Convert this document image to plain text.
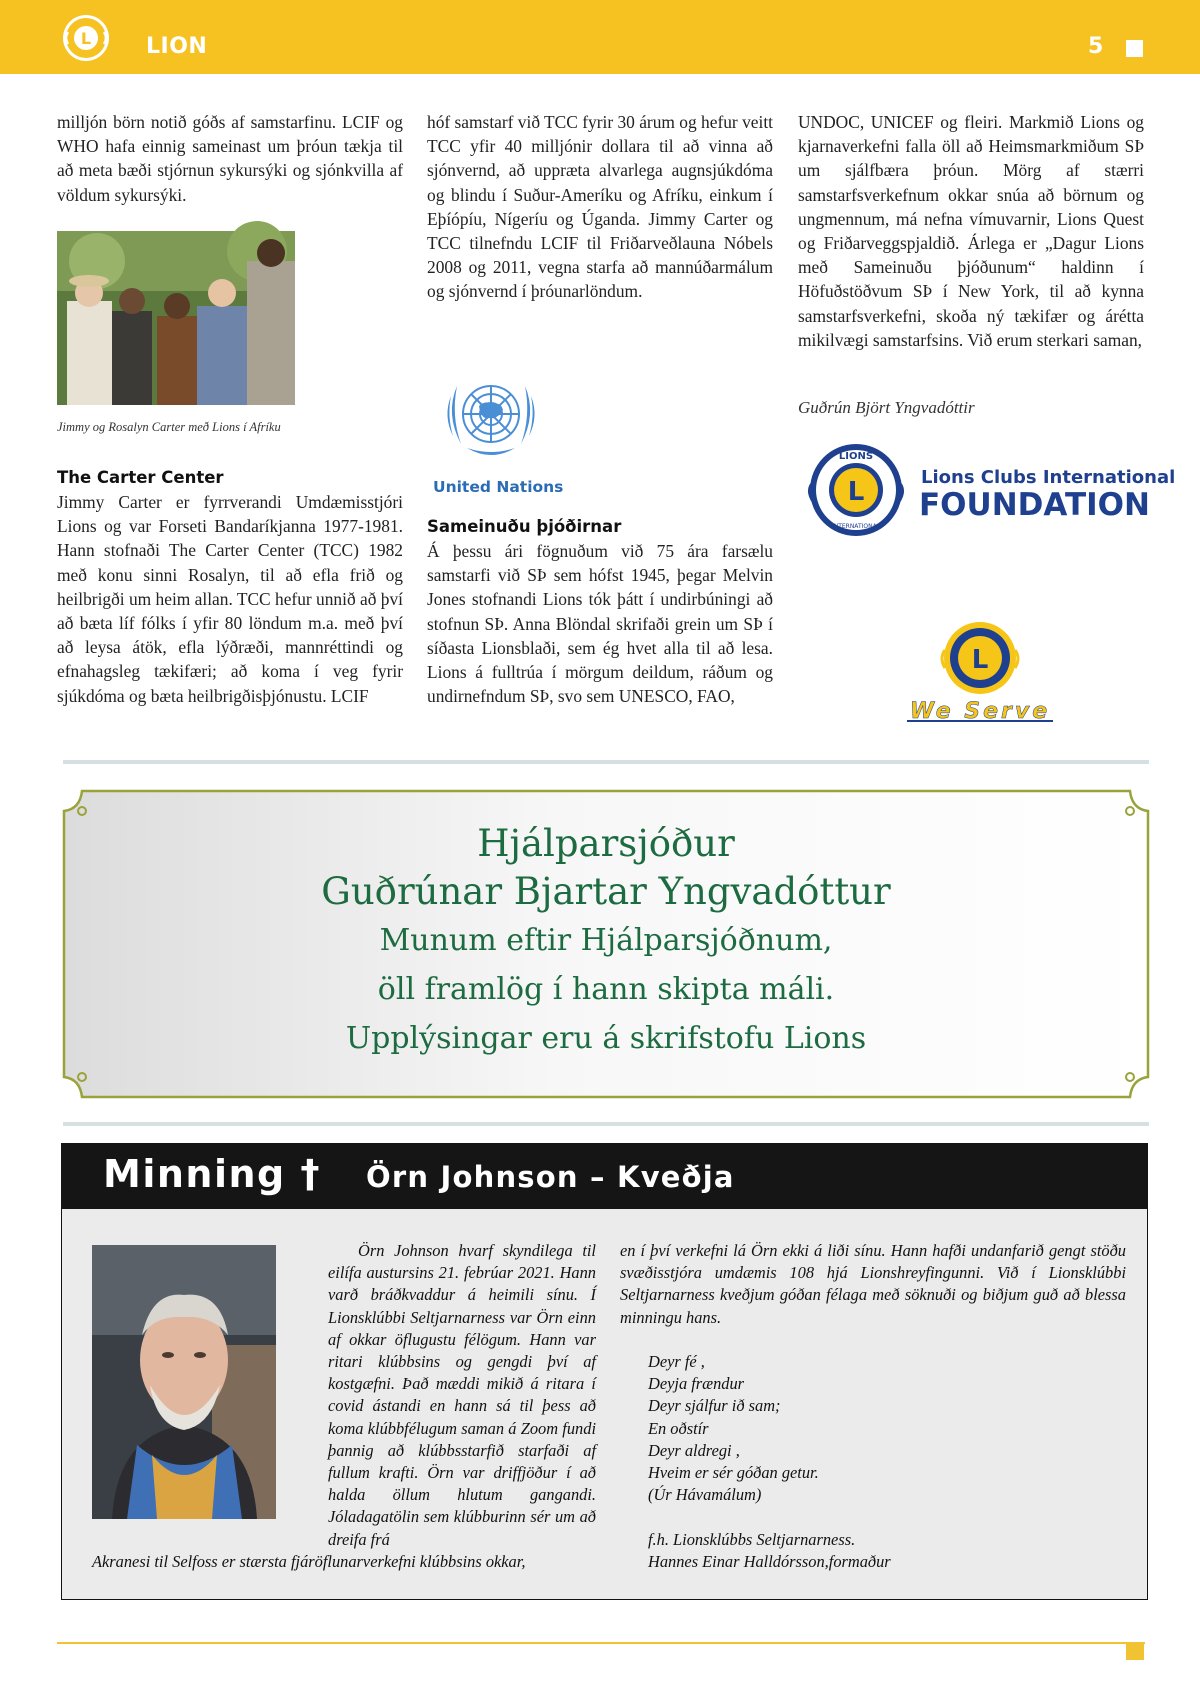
L LION	5

milljón börn notið góðs af samstarfinu. LCIF og WHO hafa einnig sameinast um þróun tækja til að meta bæði stjórnun sykursýki og sjónkvilla af völdum sykursýki.

Jimmy og Rosalyn Carter með Lions í Afríku
The Carter Center

Jimmy Carter er fyrrverandi Umdæmisstjóri Lions og var Forseti Bandaríkjanna 1977-1981. Hann stofnaði The Carter Center (TCC) 1982 með konu sinni Rosalyn, til að efla frið og heilbrigði um heim allan. TCC hefur unnið að því að bæta líf fólks í yfir 80 löndum m.a. með því að leysa átök, efla lýðræði, mannréttindi og efnahagsleg tækifæri; að koma í veg fyrir sjúkdóma og bæta heilbrigðisþjónustu. LCIF

hóf samstarf við TCC fyrir 30 árum og hefur veitt TCC yfir 40 milljónir dollara til að vinna að sjónvernd, að uppræta alvarlega augnsjúkdóma og blindu í Suður-Ameríku og Afríku, einkum í Eþíópíu, Nígeríu og Úganda. Jimmy Carter og TCC tilnefndu LCIF til Friðarveðlauna Nóbels 2008 og 2011, vegna starfa að mannúðarmálum og sjónvernd í þróunarlöndum.

United Nations
Sameinuðu þjóðirnar

Á þessu ári fögnuðum við 75 ára farsælu samstarfi við SÞ sem hófst 1945, þegar Melvin Jones stofnandi Lions tók þátt í undirbúningi að stofnun SÞ. Anna Blöndal skrifaði grein um SÞ í síðasta Lionsblaði, sem ég hvet alla til að lesa. Lions á fulltrúa í mörgum deildum, ráðum og undirnefndum SÞ, svo sem UNESCO, FAO,

UNDOC, UNICEF og fleiri. Markmið Lions og kjarnaverkefni falla öll að Heimsmarkmiðum SÞ um sjálfbæra þróun. Mörg af stærri samstarfsverkefnum okkar snúa að börnum og ungmennum, má nefna vímuvarnir, Lions Quest og Friðarveggspjaldið. Árlega er „Dagur Lions með Sameinuðu þjóðunum“ haldinn í Höfuðstöðvum SÞ í New York, til að kynna samstarfsverkefni, skoða ný tækifær og árétta mikilvægi samstarfsins. Við erum sterkari saman,

Guðrún Björt Yngvadóttir
L
LIONS
INTERNATIONAL
Lions Clubs International
FOUNDATION
L
We Serve
Hjálparsjóður
Guðrúnar Bjartar Yngvadóttur
Munum eftir Hjálparsjóðnum,
öll framlög í hann skipta máli.
Upplýsingar eru á skrifstofu Lions
Minning † Örn Johnson – Kveðja
Örn Johnson hvarf skyndilega til eilífa austursins 21. febrúar 2021. Hann varð bráðkvaddur á heimili sínu. Í Lionsklúbbi Seltjarnarness var Örn einn af okkar öflugustu félögum. Hann var ritari klúbbsins og gengdi því af kostgæfni. Það mæddi mikið á ritara í covid ástandi en hann sá til þess að koma klúbbfélugum saman á Zoom fundi þannig að klúbbsstarfið starfaði af fullum krafti. Örn var driffjöður í að halda öllum hlutum gangandi. Jóladagatölin sem klúbburinn sér um að dreifa frá
Akranesi til Selfoss er stærsta fjáröflunarverkefni klúbbsins okkar,
en í því verkefni lá Örn ekki á liði sínu. Hann hafði undanfarið gengt stöðu svæðisstjóra umdæmis 108 hjá Lionshreyfingunni. Við í Lionsklúbbi Seltjarnarness kveðjum góðan félaga með söknuði og biðjum guð að blessa minningu hans.
Deyr fé ,
Deyja frændur
Deyr sjálfur ið sam;
En oðstír
Deyr aldregi ,
Hveim er sér góðan getur.
(Úr Hávamálum)

f.h. Lionsklúbbs Seltjarnarness.
Hannes Einar Halldórsson,formaður
